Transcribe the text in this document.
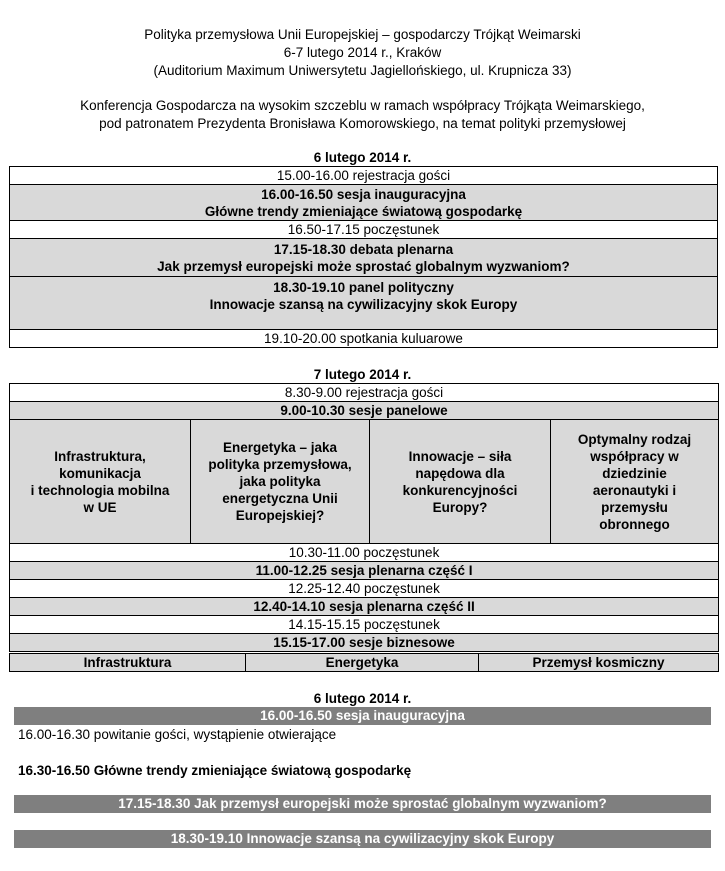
Polityka przemysłowa Unii Europejskiej – gospodarczy Trójkąt Weimarski
6-7 lutego 2014 r., Kraków
(Auditorium Maximum Uniwersytetu Jagiellońskiego, ul. Krupnicza 33)
Konferencja Gospodarcza na wysokim szczeblu w ramach współpracy Trójkąta Weimarskiego,
pod patronatem Prezydenta Bronisława Komorowskiego, na temat polityki przemysłowej
6 lutego 2014 r.
15.00-16.00 rejestracja gości
16.00-16.50 sesja inauguracyjna
Główne trendy zmieniające światową gospodarkę
16.50-17.15 poczęstunek
17.15-18.30 debata plenarna
Jak przemysł europejski może sprostać globalnym wyzwaniom?
18.30-19.10 panel polityczny
Innowacje szansą na cywilizacyjny skok Europy
19.10-20.00 spotkania kuluarowe
7 lutego 2014 r.
8.30-9.00 rejestracja gości
9.00-10.30 sesje panelowe
Infrastruktura,
komunikacja
i technologia mobilna
w UE	Energetyka – jaka
polityka przemysłowa,
jaka polityka
energetyczna Unii
Europejskiej?	Innowacje – siła
napędowa dla
konkurencyjności
Europy?	Optymalny rodzaj
współpracy w
dziedzinie
aeronautyki i
przemysłu
obronnego
10.30-11.00 poczęstunek
11.00-12.25 sesja plenarna część I
12.25-12.40 poczęstunek
12.40-14.10 sesja plenarna część II
14.15-15.15 poczęstunek
15.15-17.00 sesje biznesowe
Infrastruktura	Energetyka	Przemysł kosmiczny
6 lutego 2014 r.
16.00-16.50 sesja inauguracyjna
16.00-16.30 powitanie gości, wystąpienie otwierające
16.30-16.50 Główne trendy zmieniające światową gospodarkę
17.15-18.30 Jak przemysł europejski może sprostać globalnym wyzwaniom?
18.30-19.10 Innowacje szansą na cywilizacyjny skok Europy
